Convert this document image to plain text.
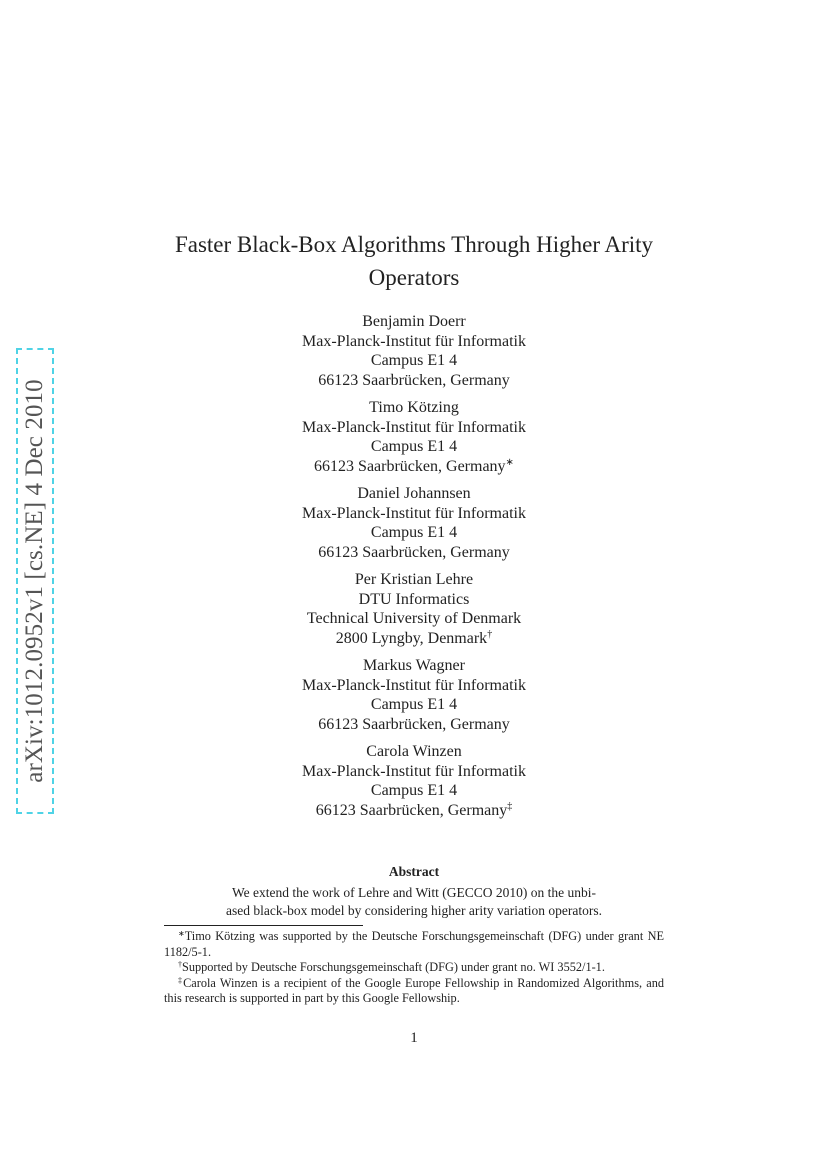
arXiv:1012.0952v1 [cs.NE] 4 Dec 2010
Faster Black-Box Algorithms Through Higher Arity
Operators
Benjamin Doerr
Max-Planck-Institut für Informatik
Campus E1 4
66123 Saarbrücken, Germany
Timo Kötzing
Max-Planck-Institut für Informatik
Campus E1 4
66123 Saarbrücken, Germany∗
Daniel Johannsen
Max-Planck-Institut für Informatik
Campus E1 4
66123 Saarbrücken, Germany
Per Kristian Lehre
DTU Informatics
Technical University of Denmark
2800 Lyngby, Denmark†
Markus Wagner
Max-Planck-Institut für Informatik
Campus E1 4
66123 Saarbrücken, Germany
Carola Winzen
Max-Planck-Institut für Informatik
Campus E1 4
66123 Saarbrücken, Germany‡
Abstract
We extend the work of Lehre and Witt (GECCO 2010) on the unbi-
ased black-box model by considering higher arity variation operators.

∗Timo Kötzing was supported by the Deutsche Forschungsgemeinschaft (DFG) under grant NE 1182/5-1.

†Supported by Deutsche Forschungsgemeinschaft (DFG) under grant no. WI 3552/1-1.

‡Carola Winzen is a recipient of the Google Europe Fellowship in Randomized Algorithms, and this research is supported in part by this Google Fellowship.

1
